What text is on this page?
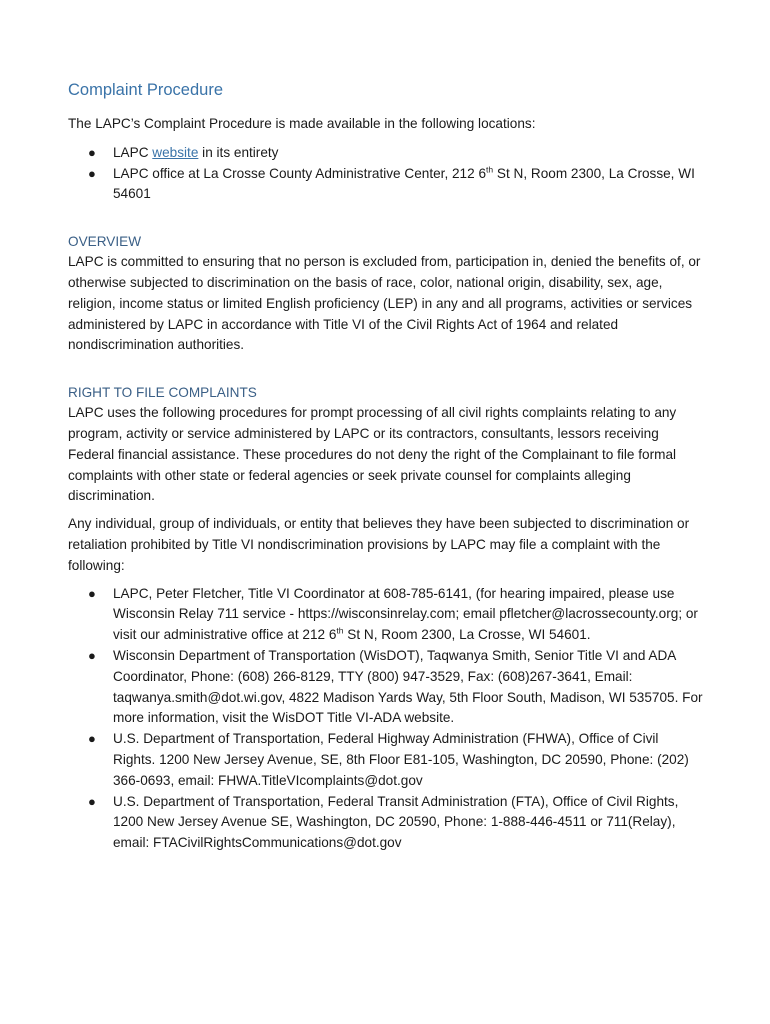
Complaint Procedure

The LAPC’s Complaint Procedure is made available in the following locations:

● LAPC website in its entirety
● LAPC office at La Crosse County Administrative Center, 212 6th St N, Room 2300, La Crosse, WI 54601
OVERVIEW

LAPC is committed to ensuring that no person is excluded from, participation in, denied the benefits of, or otherwise subjected to discrimination on the basis of race, color, national origin, disability, sex, age, religion, income status or limited English proficiency (LEP) in any and all programs, activities or services administered by LAPC in accordance with Title VI of the Civil Rights Act of 1964 and related nondiscrimination authorities.

RIGHT TO FILE COMPLAINTS

LAPC uses the following procedures for prompt processing of all civil rights complaints relating to any program, activity or service administered by LAPC or its contractors, consultants, lessors receiving Federal financial assistance. These procedures do not deny the right of the Complainant to file formal complaints with other state or federal agencies or seek private counsel for complaints alleging discrimination.

Any individual, group of individuals, or entity that believes they have been subjected to discrimination or retaliation prohibited by Title VI nondiscrimination provisions by LAPC may file a complaint with the following:

● LAPC, Peter Fletcher, Title VI Coordinator at 608-785-6141, (for hearing impaired, please use Wisconsin Relay 711 service - https://wisconsinrelay.com; email pfletcher@lacrossecounty.org; or visit our administrative office at 212 6th St N, Room 2300, La Crosse, WI 54601.
● Wisconsin Department of Transportation (WisDOT), Taqwanya Smith, Senior Title VI and ADA Coordinator, Phone: (608) 266-8129, TTY (800) 947-3529, Fax: (608)267-3641, Email: taqwanya.smith@dot.wi.gov, 4822 Madison Yards Way, 5th Floor South, Madison, WI 535705. For more information, visit the WisDOT Title VI-ADA website.
● U.S. Department of Transportation, Federal Highway Administration (FHWA), Office of Civil Rights. 1200 New Jersey Avenue, SE, 8th Floor E81-105, Washington, DC 20590, Phone: (202) 366-0693, email: FHWA.TitleVIcomplaints@dot.gov
● U.S. Department of Transportation, Federal Transit Administration (FTA), Office of Civil Rights, 1200 New Jersey Avenue SE, Washington, DC 20590, Phone: 1-888-446-4511 or 711(Relay), email: FTACivilRightsCommunications@dot.gov
